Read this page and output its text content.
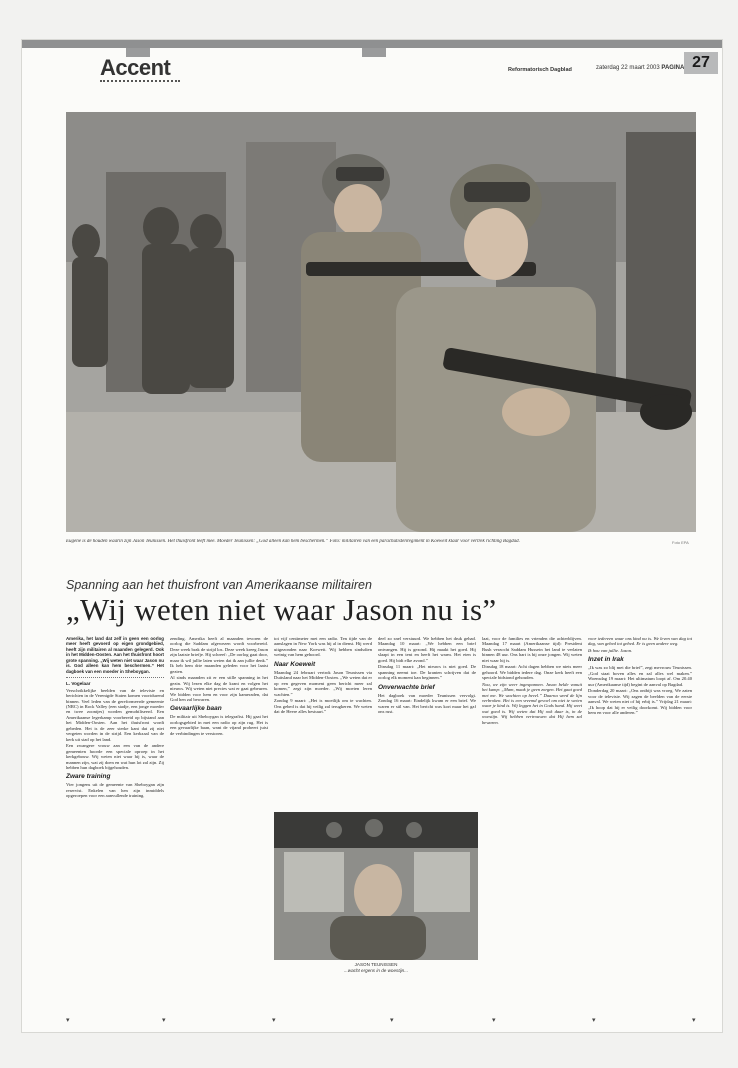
Accent	Reformatorisch Dagblad	zaterdag 22 maart 2003 PAGINA 27
Eugene is de houden waarin zijn Jason Teunissen. Het thuisfront leeft mee. Moeder Teunissen: „God alleen kan hem beschermen.” Foto: militairen van een parachutistenregiment in Koeweit klaar voor vertrek richting Bagdad.	Foto EPA
Spanning aan het thuisfront van Amerikaanse militairen
„Wij weten niet waar Jason nu is”

Amerika, het land dat zelf in geen een oorlog meer heeft gevoerd op eigen grondgebied, heeft zijn militairen al maanden gelegerd. Ook in het Midden-Oosten. Aan het thuisfront hoort grote spanning. „Wij weten niet waar Jason nu is. God alleen kan hem beschermen.” Het dagboek van een moeder in Sheboygan.

L. Vogelaar

Verschrikkelijke beelden van de televisie en berichten in de Verenigde Staten komen voortdurend binnen. Veel leden van de gereformeerde gemeente (NRC) in Rock Valley (een stadje, een jonge moeder en twee zoontjes) worden gemobiliseerd. Een Amerikaanse legerkamp voorbereid op bijstand aan het Midden-Oosten. Aan het thuisfront wordt gebeden. Het is de zeer sterke kant dat zij niet vergeten worden in de strijd. Een kerkzaal van de kerk uit stad op het land.

Een zwangere vrouw aan een van de andere gemeenten hoorde een speciale oproep in het kerkgebouw. Wij weten niet waar hij is, waar de mannen zijn, wat zij doen en wat hun lot zal zijn. Zij hebben hun dagboek bijgehouden.

Zware training

Vier jongens uit de gemeente van Sheboygan zijn reservist. Enkelen van hen zijn inmiddels opgeroepen voor een aanvullende training.

zending. Amerika heeft al maanden tevoren de oorlog die Saddam afgewezen wordt voorbereid. Deze week brak de strijd los. Deze week kreeg Jason zijn laatste briefje. Hij schreef: „De oorlog gaat door, maar ik wil jullie laten weten dat ik aan jullie denk.” Ik heb hem drie maanden geleden voor het laatst gezien.

Al sinds maanden zit er een stille spanning in het gezin. Wij lezen elke dag de krant en volgen het nieuws. Wij weten niet precies wat er gaat gebeuren. We bidden voor hem en voor zijn kameraden, dat God hen zal bewaren.

Gevaarlijke baan

De militair uit Sheboygan is telegrafist. Hij gaat het oorlogsgebied in met een radio op zijn rug. Het is een gevaarlijke baan, want de vijand probeert juist de verbindingen te verstoren.

tot vijf centimeter met een radio. Ten tijde van de aanslagen in New York was hij al in dienst. Hij werd uitgezonden naar Koeweit. Wij hebben sindsdien weinig van hem gehoord.

Naar Koeweit

Maandag 24 februari vertrok Jason Teunissen via Duitsland naar het Midden-Oosten. „We weten dat er op een gegeven moment geen bericht meer zal komen,” zegt zijn moeder. „Wij moeten leren wachten.”

Zondag 9 maart: „Het is moeilijk om te wachten. Ons gebed is dat hij veilig zal terugkeren. We weten dat de Heere alles bestuurt.”

deel zo snel verstuurd. We hebben het druk gehad. Maandag 10 maart: „We hebben een brief ontvangen. Hij is gezond. Hij maakt het goed. Hij slaapt in een tent en heeft het warm. Het eten is goed. Hij bidt elke avond.”

Dinsdag 11 maart: „Het nieuws is niet goed. De spanning neemt toe. De kranten schrijven dat de oorlog elk moment kan beginnen.”

Onverwachte brief

Het dagboek van moeder Teunissen vervolgt. Zondag 16 maart: Eindelijk kwam er een brief. We waren er stil van. Het bericht was kort maar het gaf ons rust.

laat, voor de families en vrienden die achterblijven. Maandag 17 maart (Amerikaanse tijd): President Bush verzocht Saddam Hussein het land te verlaten binnen 48 uur. Ons hart is bij onze jongen. Wij weten niet waar hij is.

Dinsdag 18 maart: Acht dagen hebben we niets meer gehoord. We bidden iedere dag. Onze kerk heeft een speciale bidstond gehouden.

Nou, we zijn weer ingespannen. Jason belde vanuit het kamp: „Mam, maak je geen zorgen. Het gaat goed met me. We wachten op bevel.” Daarna werd de lijn verbroken. Het is een vreemd gevoel om niet te weten waar je kind is. Wij leggen het in Gods hand. Hij weet wat goed is. Wij weten dat Hij ook daar is, in de woestijn. Wij hebben vertrouwen dat Hij hem zal bewaren.

voor iedereen waar ons kind nu is. We leven van dag tot dag, van gebed tot gebed. Er is geen andere weg.

Ik hou van jullie. Jason.

Inzet in Irak

„Ik was zo blij met die brief”, zegt mevrouw Teunissen. „God staat boven alles en zal alles wel maken.” Woensdag 19 maart: Het ultimatum loopt af. Om 20.40 uur (Amerikaanse tijd) begint de aanval op Bagdad.

Donderdag 20 maart: „Ons ontbijt was vroeg. We zaten voor de televisie. Wij zagen de beelden van de eerste aanval. We weten niet of hij erbij is.” Vrijdag 21 maart: „Ik hoop dat hij er veilig doorkomt. Wij bidden voor hem en voor alle anderen.”

JASON TEUNISSEN
...wacht ergens in de woestijn...
▾	▾	▾	▾	▾	▾	▾
